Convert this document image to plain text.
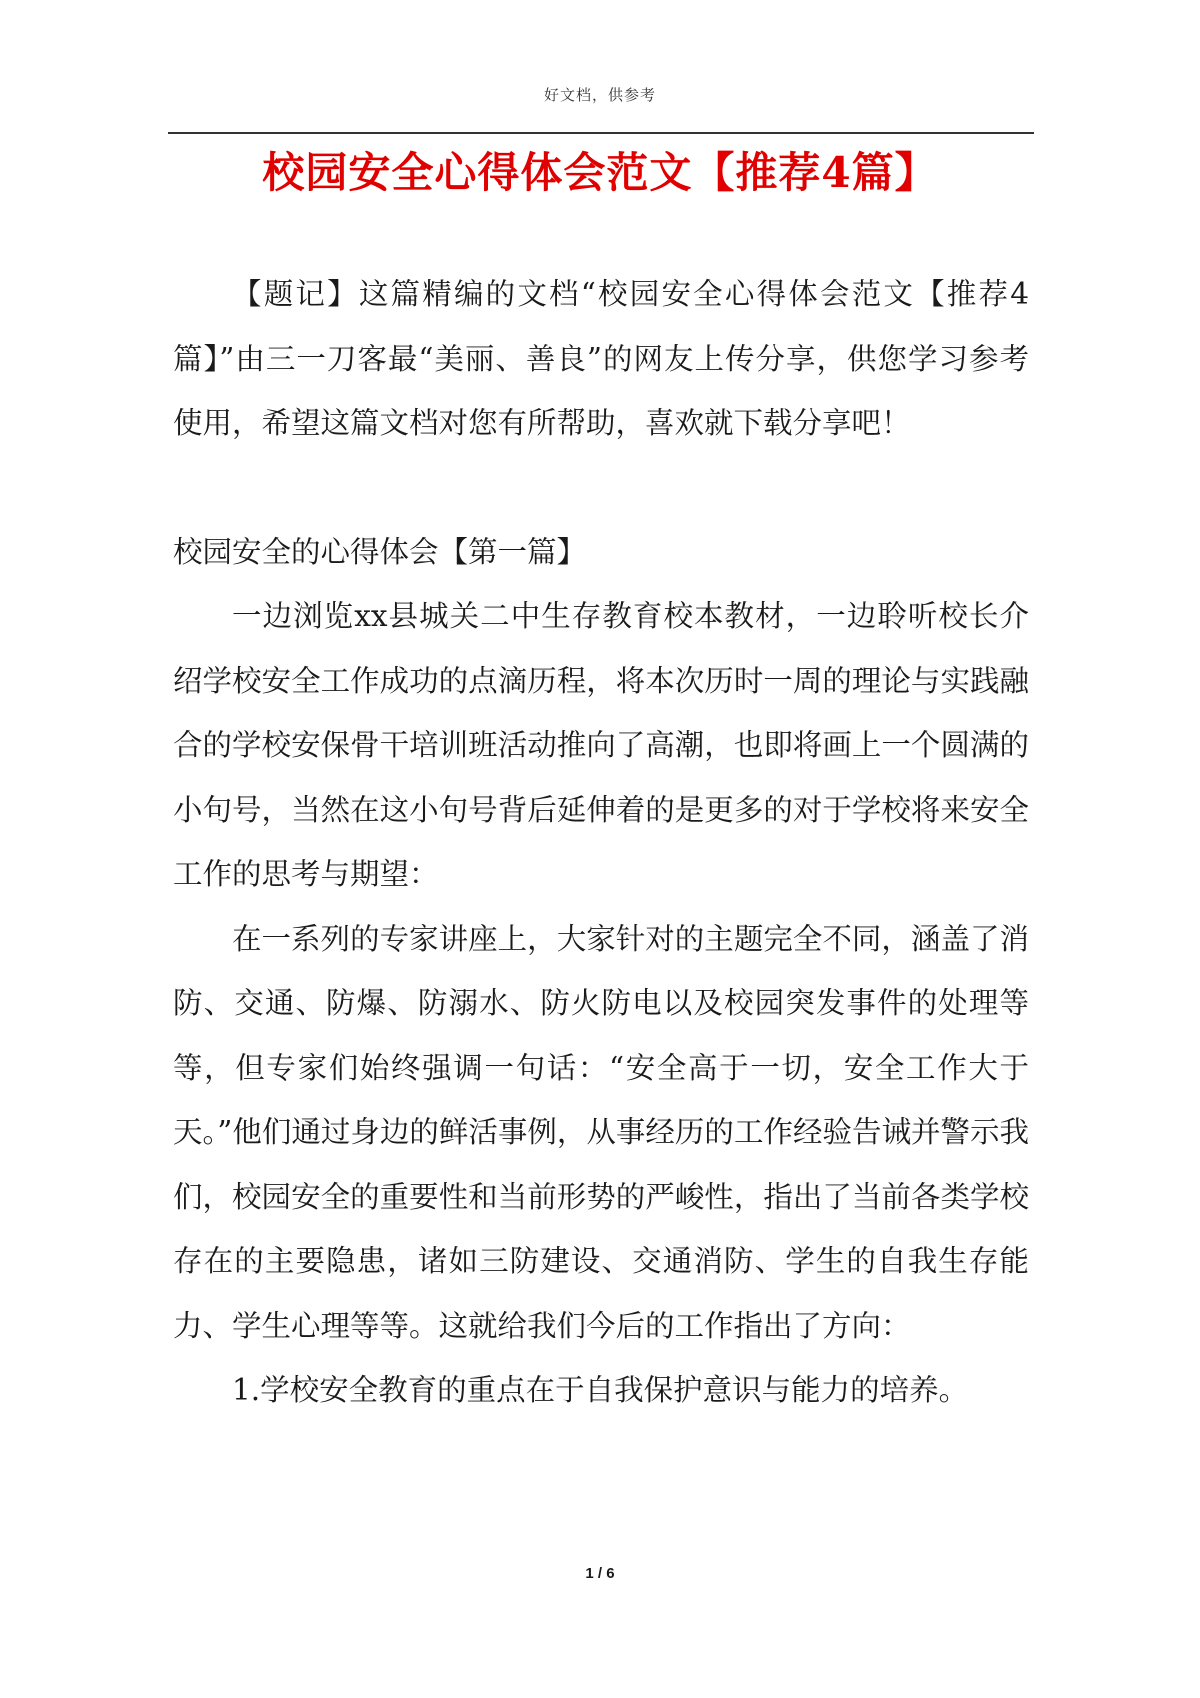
好文档，供参考
校园安全心得体会范文【推荐4篇】

【题记】这篇精编的文档“校园安全心得体会范文【推荐4篇】”由三一刀客最“美丽、善良”的网友上传分享，供您学习参考使用，希望这篇文档对您有所帮助，喜欢就下载分享吧！

校园安全的心得体会【第一篇】

一边浏览xx县城关二中生存教育校本教材，一边聆听校长介绍学校安全工作成功的点滴历程，将本次历时一周的理论与实践融合的学校安保骨干培训班活动推向了高潮，也即将画上一个圆满的小句号，当然在这小句号背后延伸着的是更多的对于学校将来安全工作的思考与期望：

在一系列的专家讲座上，大家针对的主题完全不同，涵盖了消防、交通、防爆、防溺水、防火防电以及校园突发事件的处理等等，但专家们始终强调一句话：“安全高于一切，安全工作大于天。”他们通过身边的鲜活事例，从事经历的工作经验告诫并警示我们，校园安全的重要性和当前形势的严峻性，指出了当前各类学校存在的主要隐患，诸如三防建设、交通消防、学生的自我生存能力、学生心理等等。这就给我们今后的工作指出了方向：

1.学校安全教育的重点在于自我保护意识与能力的培养。

1 / 6
